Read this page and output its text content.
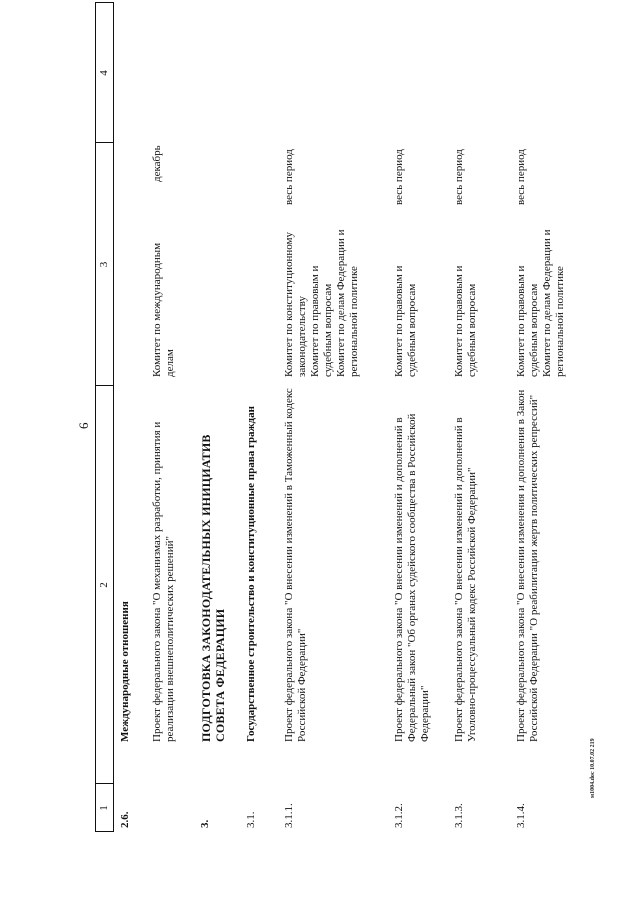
6
м1004.doc 10.07.02 219
1
2
3
4
2.6.
Международные отношения Проект федерального закона "О механизмах разработки, принятия и реализации внешнеполитических решений"
Комитет по международным делам
декабрь
3.
ПОДГОТОВКА ЗАКОНОДАТЕЛЬНЫХ ИНИЦИАТИВ СОВЕТА ФЕДЕРАЦИИ
3.1.
Государственное строительство и конституционные права граждан
3.1.1.
Проект федерального закона "О внесении изменений в Таможенный кодекс Российской Федерации"
Комитет по конституционному законодательству
Комитет по правовым и судебным вопросам
Комитет по делам Федерации и региональной политике
весь период
3.1.2.
Проект федерального закона "О внесении изменений и дополнений в Федеральный закон "Об органах судейского сообщества в Российской Федерации"
Комитет по правовым и судебным вопросам
весь период
3.1.3.
Проект федерального закона "О внесении изменений и дополнений в Уголовно-процессуальный кодекс Российской Федерации"
Комитет по правовым и судебным вопросам
весь период
3.1.4.
Проект федерального закона "О внесении изменения и дополнения в Закон Российской Федерации "О реабилитации жертв политических репрессий"
Комитет по правовым и судебным вопросам
Комитет по делам Федерации и региональной политике
весь период
